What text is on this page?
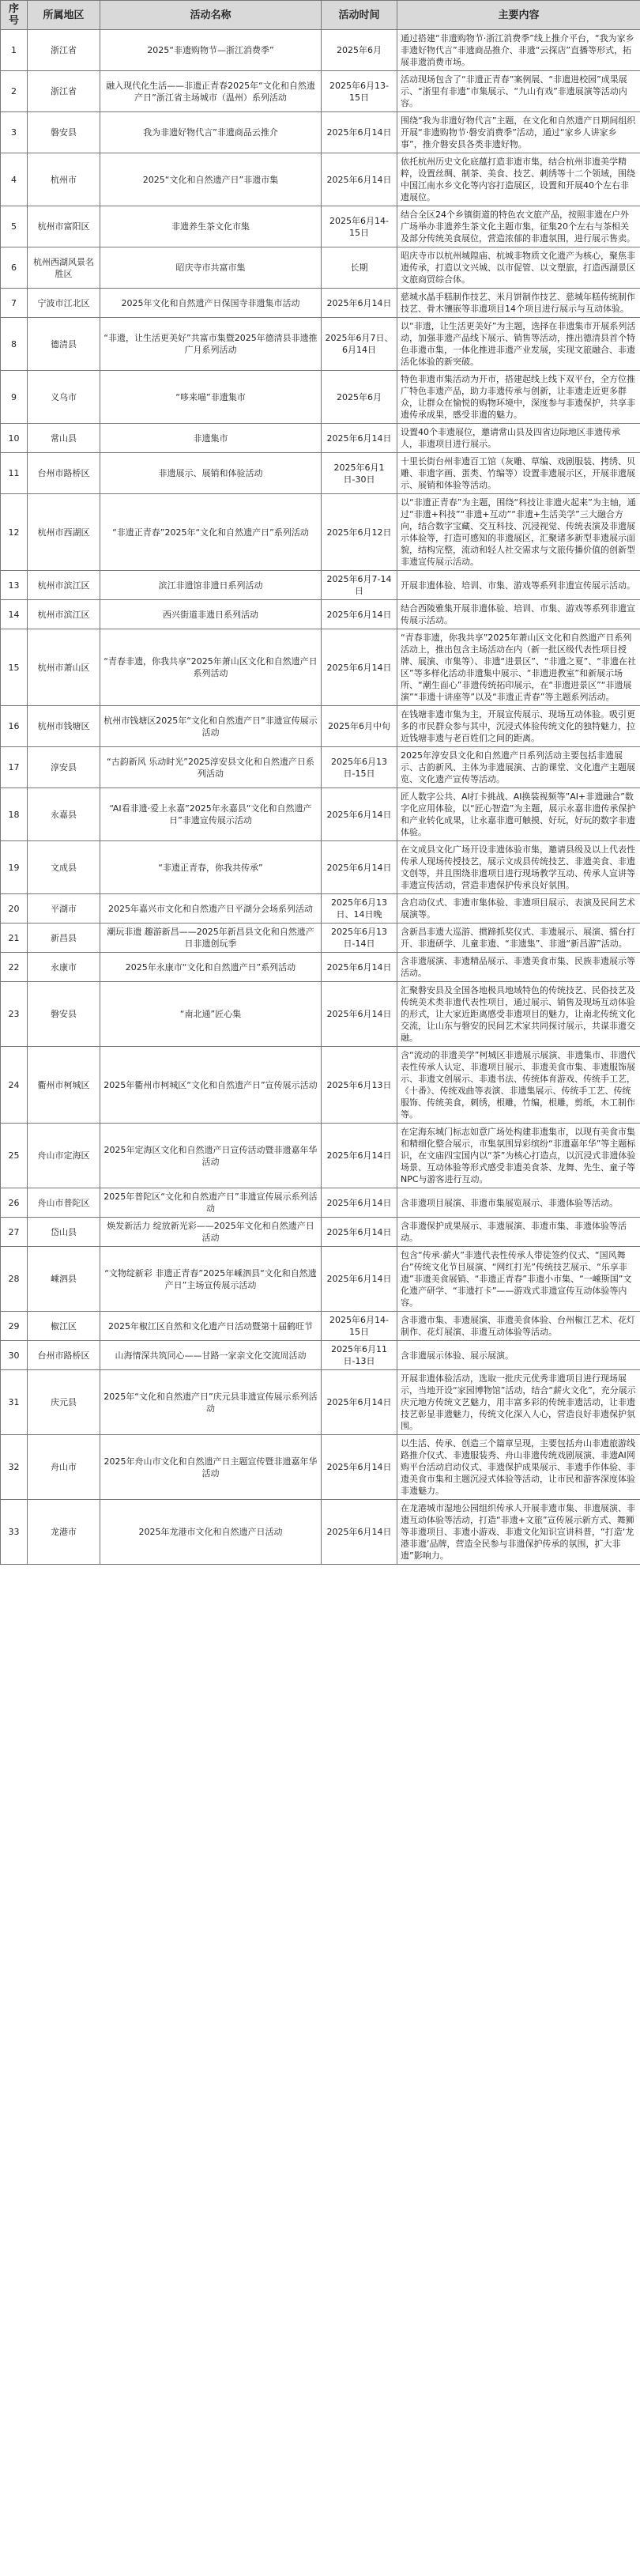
序号	所属地区	活动名称	活动时间	主要内容
1	浙江省	2025“非遗购物节—浙江消费季”	2025年6月	通过搭建“非遗购物节·浙江消费季”线上推介平台，“我为家乡非遗好物代言”非遗商品推介、非遗“云探店”直播等形式，拓展非遗消费市场。
2	浙江省	融入现代化生活——非遗正青春2025年“文化和自然遗产日”浙江省主场城市（温州）系列活动	2025年6月13-15日	活动现场包含了“非遗正青春”案例展、“非遗进校园”成果展示、“浙里有非遗”市集展示、“九山有戏”非遗展演等活动内容。
3	磐安县	我为非遗好物代言”非遗商品云推介	2025年6月14日	围绕“我为非遗好物代言”主题，在文化和自然遗产日期间组织开展“非遗购物节·磐安消费季”活动，通过“家乡人讲家乡事”，推介磐安县各类非遗好物。
4	杭州市	2025“文化和自然遗产日”非遗市集	2025年6月14日	依托杭州历史文化底蕴打造非遗市集，结合杭州非遗美学精粹，设置丝绸、制茶、美食、技艺、刺绣等十二个领域，围绕中国江南水乡文化等内容打造展区，设置和开展40个左右非遗展位。
5	杭州市富阳区	非遗养生茶文化市集	2025年6月14-15日	结合全区24个乡镇街道的特色农文旅产品，按照非遗在户外广场举办非遗养生茶文化主题市集，征集20个左右与茶相关及部分传统美食展位，营造浓郁的非遗氛围，进行展示售卖。
6	杭州西湖风景名胜区	昭庆寺市共富市集	长期	昭庆寺市以杭州城隍庙、杭城非物质文化遗产为核心，聚焦非遗传承，打造以文兴城、以市促管、以文塑旅，打造西湖景区文旅商贸综合体。
7	宁波市江北区	2025年文化和自然遗产日保国寺非遗集市活动	2025年6月14日	慈城水晶手糕制作技艺、米月饼制作技艺、慈城年糕传统制作技艺、骨木镶嵌等非遗项目14个项目进行展示与互动体验。
8	德清县	“非遗，让生活更美好”共富市集暨2025年德清县非遗推广月系列活动	2025年6月7日、6月14日	以“非遗，让生活更美好”为主题，选择在非遗集市开展系列活动，加强非遗产品线下展示、销售等活动，推出德清县首个特色非遗市集，一体化推进非遗产业发展，实现文旅融合、非遗活化体验的新突破。
9	义乌市	“哆来喵”非遗集市	2025年6月	特色非遗市集活动为开市，搭建起线上线下双平台，全方位推广特色非遗产品，助力非遗传承与创新，让非遗走近更多群众，让群众在愉悦的购物环境中，深度参与非遗保护，共享非遗传承成果，感受非遗的魅力。
10	常山县	非遗集市	2025年6月14日	设置40个非遗展位，邀请常山县及四省边际地区非遗传承人，非遗项目进行展示。
11	台州市路桥区	非遗展示、展销和体验活动	2025年6月1日-30日	十里长街台州非遗百工馆（灰雕、草编、戏剧服装、拷绣、贝雕、非遗字画、蛋类、竹编等）设置非遗展示区，开展非遗展示、展销和体验等活动。
12	杭州市西湖区	“非遗正青春”2025年“文化和自然遗产日”系列活动	2025年6月12日	以“非遗正青春”为主题，围绕“科技让非遗火起来”为主轴，通过“非遗+科技”“非遗+互动”“非遗+生活美学”三大融合方向，结合数字宝藏、交互科技、沉浸视觉、传统表演及非遗展示体验等，打造可感知的非遗展区，汇聚诸多新型非遗展示面貌，结构完整，流动和轻人社交需求与文旅传播价值的创新型非遗宣传展示活动。
13	杭州市滨江区	滨江非遗馆非遗日系列活动	2025年6月7-14日	开展非遗体验、培训、市集、游戏等系列非遗宣传展示活动。
14	杭州市滨江区	西兴街道非遗日系列活动	2025年6月14日	结合西陵雅集开展非遗体验、培训、市集、游戏等系列非遗宣传展示活动。
15	杭州市萧山区	“青春非遗，你我共享”2025年萧山区文化和自然遗产日系列活动	2025年6月14日	“青春非遗，你我共享”2025年萧山区文化和自然遗产日系列活动上，推出包含主场活动在内（新一批区级代表性项目授牌、展演、市集等）、非遗“进景区”、“非遗之夏”、“非遗在社区”等多样化活动非遗集中展示、“非遗进教室”和新展示场所、“潮生面心”非遗传统拓印展示，在“非遗进景区”“非遗展演”“非遗十讲座等”以及“非遗正青春”等主题系列活动。
16	杭州市钱塘区	杭州市钱塘区2025年“文化和自然遗产日”非遗宣传展示活动	2025年6月中旬	在钱塘非遗市集为主，开展宣传展示、现场互动体验。吸引更多的市民群众参与其中，沉浸式体验传统文化的独特魅力，拉近钱塘非遗与老百姓们之间的距离。
17	淳安县	“古韵新风 乐动时光”2025淳安县文化和自然遗产日系列活动	2025年6月13日-15日	2025年淳安县文化和自然遗产日系列活动主要包括非遗展示、古韵新风、主体为非遗展演、古韵课堂、文化遗产主题展览、文化遗产宣传等活动。
18	永嘉县	“AI看非遗·爱上永嘉”2025年永嘉县“文化和自然遗产日”非遗宣传展示活动	2025年6月14日	匠人数字公共、AI打卡挑战、AI换装视频等”AI+非遗融合”数字化应用体验，以“匠心智造”为主题，展示永嘉非遗传承保护和产业转化成果，让永嘉非遗可触摸、好玩，好玩的数字非遗体验。
19	文成县	“非遗正青春，你我共传承”	2025年6月14日	在文成县文化广场开设非遗体验市集，邀请县级及以上代表性传承人现场传授技艺，展示文成县传统技艺、非遗美食、非遗文创等，并且围绕非遗项目进行现场教学互动、传承人宣讲等非遗宣传活动，营造非遗保护传承良好氛围。
20	平湖市	2025年嘉兴市文化和自然遗产日平湖分会场系列活动	2025年6月13日、14日晚	含启动仪式、非遗市集体验、非遗项目展示、表演及民间艺术展演等。
21	新昌县	潮玩非遗 趣游新昌——2025年新昌县文化和自然遗产日非遗创玩季	2025年6月13日-14日	含新昌非遗大巡游、掼蹄抓奖仪式、非遗展示、展演、擂台打开、非遗研学、儿童非遗、“非遗集”、非遗“新昌游”活动。
22	永康市	2025年永康市“文化和自然遗产日”系列活动	2025年6月14日	含非遗展演、非遗精品展示、非遗美食市集、民族非遗展示等活动。
23	磐安县	“南北通”匠心集	2025年6月14日	汇聚磐安县及全国各地极具地域特色的传统技艺、民俗技艺及传统美术类非遗代表性项目，通过展示、销售及现场互动体验的形式，让大家近距离感受非遗项目的魅力，让南北传统文化交流，让山东与磐安的民间艺术家共同探讨展示，共谋非遗交融。
24	衢州市柯城区	2025年衢州市柯城区“文化和自然遗产日”宣传展示活动	2025年6月13日	含“流动的非遗美学”柯城区非遗展示展演、非遗集市、非遗代表性传承人认定、非遗项目展示、非遗美食市集、非遗服饰展示、非遗文创展示、非遗书法、传统体育游戏、传统手工艺，《十番》、传统戏曲等表演、非遗集展示、传统手工艺、传统服饰、传统美食，刺绣，根雕，竹编，根雕，剪纸，木工制作等。
25	舟山市定海区	2025年定海区文化和自然遗产日宣传活动暨非遗嘉年华活动	2025年6月14日	在定海东城门标志如意广场处构建非遗集市，以现有美食市集和精细化整合展示，市集氛围异彩缤纷“非遗嘉年华”等主题标识，在文庙四宝国内以“茶”为核心打造点，以沉浸式非遗体验场景、互动体验等形式感受非遗美食茶、龙舞、先生、童子等NPC与游客进行互动。
26	舟山市普陀区	2025年普陀区“文化和自然遗产日”非遗宣传展示系列活动	2025年6月14日	含非遗项目展演、非遗市集展览展示、非遗体验等活动。
27	岱山县	焕发新活力 绽放新光彩——2025年文化和自然遗产日活动	2025年6月14日	含非遗保护成果展示、非遗展演、非遗市集、非遗体验等活动。
28	嵊泗县	“文物绽新彩 非遗正青春”2025年嵊泗县“文化和自然遗产日”主场宣传展示活动	2025年6月14日	包含“传承·薪火”非遗代表性传承人带徒签约仪式、“国风舞台”传统文化节目展演、“网红打光”传统技艺展示、“乐享非遗”非遗美食展销、“非遗正青春”非遗小市集、“一嵊斯国”文化遗产研学、“非遗打卡”——游戏式非遗宣传互动体验等内容。
29	椒江区	2025年椒江区自然和文化遗产日活动暨第十届鹤旺节	2025年6月14-15日	含非遗市集、非遗展演、非遗美食体验、台州椒江艺术、花灯制作、花灯展演、非遗互动体验等活动。
30	台州市路桥区	山海情深共筑同心——甘路一家亲文化交流周活动	2025年6月11日-13日	含非遗展示体验、展示展演。
31	庆元县	2025年“文化和自然遗产日”庆元县非遗宣传展示系列活动	2025年6月14日	开展非遗体验活动，选取一批庆元优秀非遗项目进行现场展示，当地开设“家园博物馆”活动，结合“薪火文化”，充分展示庆元地方传统文艺魅力，用丰富多彩的传统非遗活动，让非遗技艺彰显非遗魅力，传统文化深入人心，营造良好非遗保护氛围。
32	舟山市	2025年舟山市文化和自然遗产日主题宣传暨非遗嘉年华活动	2025年6月14日	以生活、传承、创造三个篇章呈现，主要包括舟山非遗旅游线路推介仪式、非遗服装秀、舟山非遗传统戏剧展演、非遗AI网购平台活动启动仪式、非遗保护成果展示、非遗手作体验、非遗美食市集和主题沉浸式体验等活动，让市民和游客深度体验非遗魅力。
33	龙港市	2025年龙港市文化和自然遗产日活动	2025年6月14日	在龙港城市湿地公园组织传承人开展非遗市集、非遗展演、非遗互动体验等活动，打造“非遗+文旅”宣传展示新方式、舞狮等非遗项目、非遗小游戏、非遗文化知识宣讲科普，“打造‘龙港非遗’品牌，营造全民参与非遗保护传承的氛围，扩大非遗”影响力。
